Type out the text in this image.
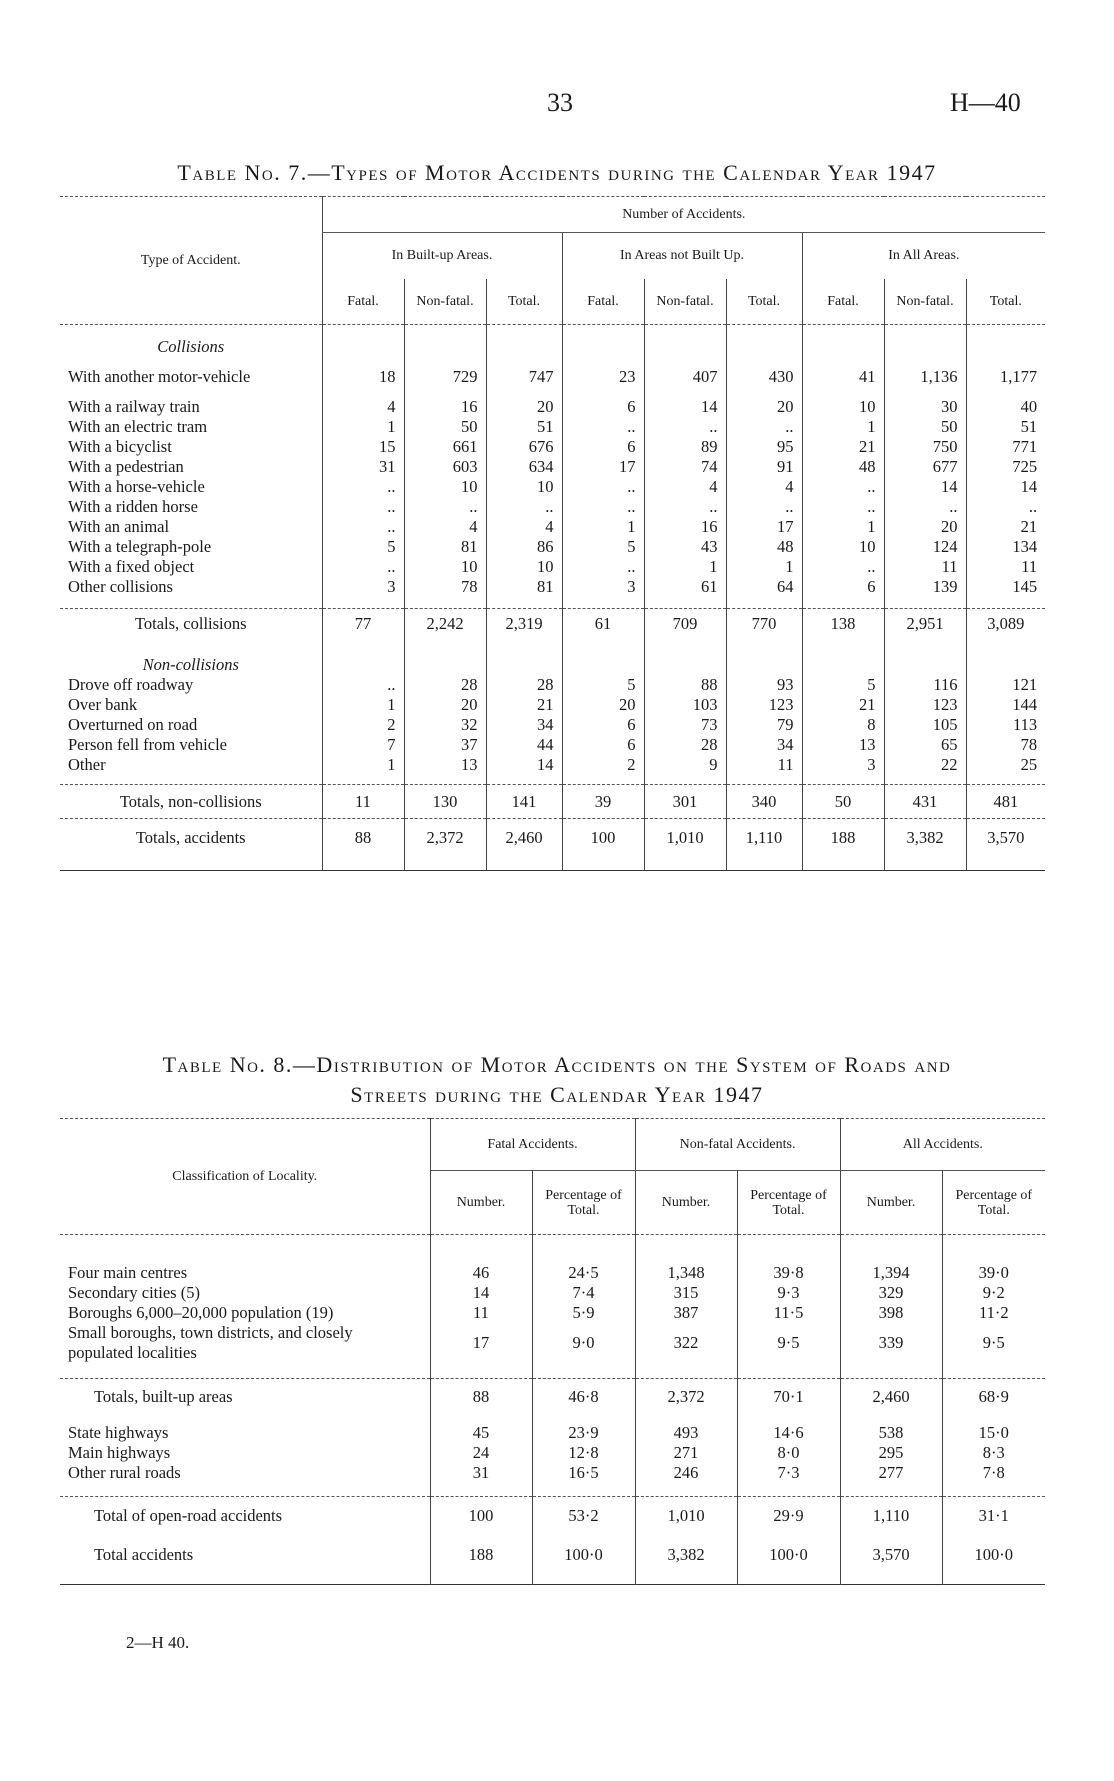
33	H—40
Table No. 7.—Types of Motor Accidents during the Calendar Year 1947
Type of Accident.	Number of Accidents.								
	In Built-up Areas.			In Areas not Built Up.			In All Areas.		
	Fatal.	Non-fatal.	Total.	Fatal.	Non-fatal.	Total.	Fatal.	Non-fatal.	Total.

Collisions									
With another motor-vehicle	18	729	747	23	407	430	41	1,136	1,177
With a railway train	4	16	20	6	14	20	10	30	40
With an electric tram	1	50	51	..	..	..	1	50	51
With a bicyclist	15	661	676	6	89	95	21	750	771
With a pedestrian	31	603	634	17	74	91	48	677	725
With a horse-vehicle	..	10	10	..	4	4	..	14	14
With a ridden horse	..	..	..	..	..	..	..	..	..
With an animal	..	4	4	1	16	17	1	20	21
With a telegraph-pole	5	81	86	5	43	48	10	124	134
With a fixed object	..	10	10	..	1	1	..	11	11
Other collisions	3	78	81	3	61	64	6	139	145

Totals, collisions	77	2,242	2,319	61	709	770	138	2,951	3,089

Non-collisions									
Drove off roadway	..	28	28	5	88	93	5	116	121
Over bank	1	20	21	20	103	123	21	123	144
Overturned on road	2	32	34	6	73	79	8	105	113
Person fell from vehicle	7	37	44	6	28	34	13	65	78
Other	1	13	14	2	9	11	3	22	25

Totals, non-collisions	11	130	141	39	301	340	50	431	481
Totals, accidents	88	2,372	2,460	100	1,010	1,110	188	3,382	3,570

Table No. 8.—Distribution of Motor Accidents on the System of Roads and
Streets during the Calendar Year 1947
Classification of Locality.	Fatal Accidents.		Non-fatal Accidents.		All Accidents.	
	Number.	Percentage of Total.	Number.	Percentage of Total.	Number.	Percentage of Total.

Four main centres	46	24·5	1,348	39·8	1,394	39·0
Secondary cities (5)	14	7·4	315	9·3	329	9·2
Boroughs 6,000–20,000 population (19)	11	5·9	387	11·5	398	11·2
Small boroughs, town districts, and closely populated localities	17	9·0	322	9·5	339	9·5

Totals, built-up areas	88	46·8	2,372	70·1	2,460	68·9

State highways	45	23·9	493	14·6	538	15·0
Main highways	24	12·8	271	8·0	295	8·3
Other rural roads	31	16·5	246	7·3	277	7·8

Total of open-road accidents	100	53·2	1,010	29·9	1,110	31·1
Total accidents	188	100·0	3,382	100·0	3,570	100·0

2—H 40.
